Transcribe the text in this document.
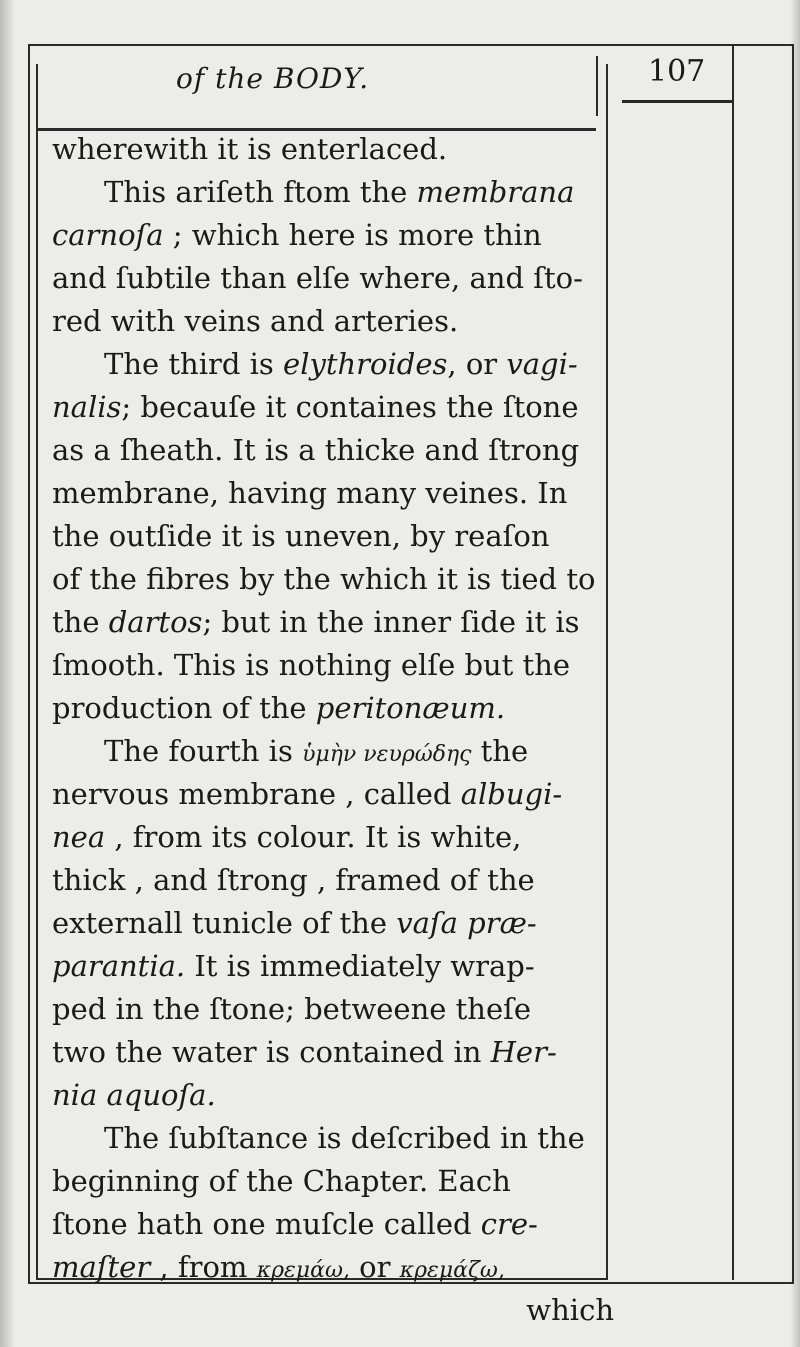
of the BODY.	107
wherewith it is enterlaced.
This ariſeth ftom the membrana
carnoſa ; which here is more thin
and ſubtile than elſe where, and ſto-
red with veins and arteries.
The third is elythroides, or vagi-
nalis; becauſe it containes the ſtone
as a ſheath. It is a thicke and ſtrong
membrane, having many veines. In
the outſide it is uneven, by reaſon
of the fibres by the which it is tied to
the dartos; but in the inner ſide it is
ſmooth. This is nothing elſe but the
production of the peritonæum.
The fourth is ὑμὴν νευρώδης the
nervous membrane , called albugi-
nea , from its colour. It is white,
thick , and ſtrong , framed of the
externall tunicle of the vaſa præ-
parantia. It is immediately wrap-
ped in the ſtone; betweene theſe
two the water is contained in Her-
nia aquoſa.
The ſubſtance is deſcribed in the
beginning of the Chapter. Each
ſtone hath one muſcle called cre-
maſter , from κρεμάω, or κρεμάζω,
which
